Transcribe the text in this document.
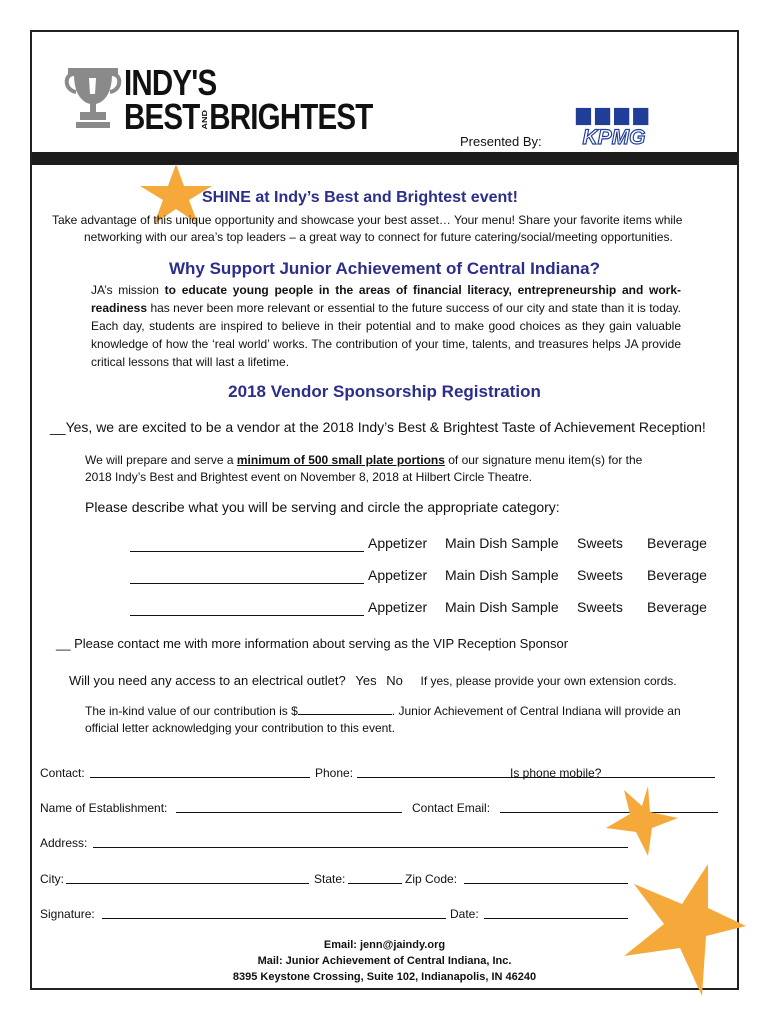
INDY'S
BESTANDBRIGHTEST
Presented By: KPMG
SHINE at Indy’s Best and Brightest event!
Take advantage of this unique opportunity and showcase your best asset… Your menu! Share your favorite items while
networking with our area’s top leaders – a great way to connect for future catering/social/meeting opportunities.
Why Support Junior Achievement of Central Indiana?
JA’s mission to educate young people in the areas of financial literacy, entrepreneurship and work-readiness has never been more relevant or essential to the future success of our city and state than it is today. Each day, students are inspired to believe in their potential and to make good choices as they gain valuable knowledge of how the ‘real world’ works. The contribution of your time, talents, and treasures helps JA provide critical lessons that will last a lifetime.
2018 Vendor Sponsorship Registration
__Yes, we are excited to be a vendor at the 2018 Indy’s Best & Brightest Taste of Achievement Reception!
We will prepare and serve a minimum of 500 small plate portions of our signature menu item(s) for the
2018 Indy’s Best and Brightest event on November 8, 2018 at Hilbert Circle Theatre.
Please describe what you will be serving and circle the appropriate category:
Appetizer Main Dish Sample Sweets Beverage
Appetizer Main Dish Sample Sweets Beverage
Appetizer Main Dish Sample Sweets Beverage
__ Please contact me with more information about serving as the VIP Reception Sponsor
Will you need any access to an electrical outlet? Yes No If yes, please provide your own extension cords.
The in-kind value of our contribution is $	. Junior Achievement of Central Indiana will provide an
official letter acknowledging your contribution to this event.
Contact:	Phone:	Is phone mobile?
Name of Establishment:	Contact Email:
Address:
City:	State:	Zip Code:
Signature:	Date:
Email: jenn@jaindy.org
Mail: Junior Achievement of Central Indiana, Inc.
8395 Keystone Crossing, Suite 102, Indianapolis, IN 46240
